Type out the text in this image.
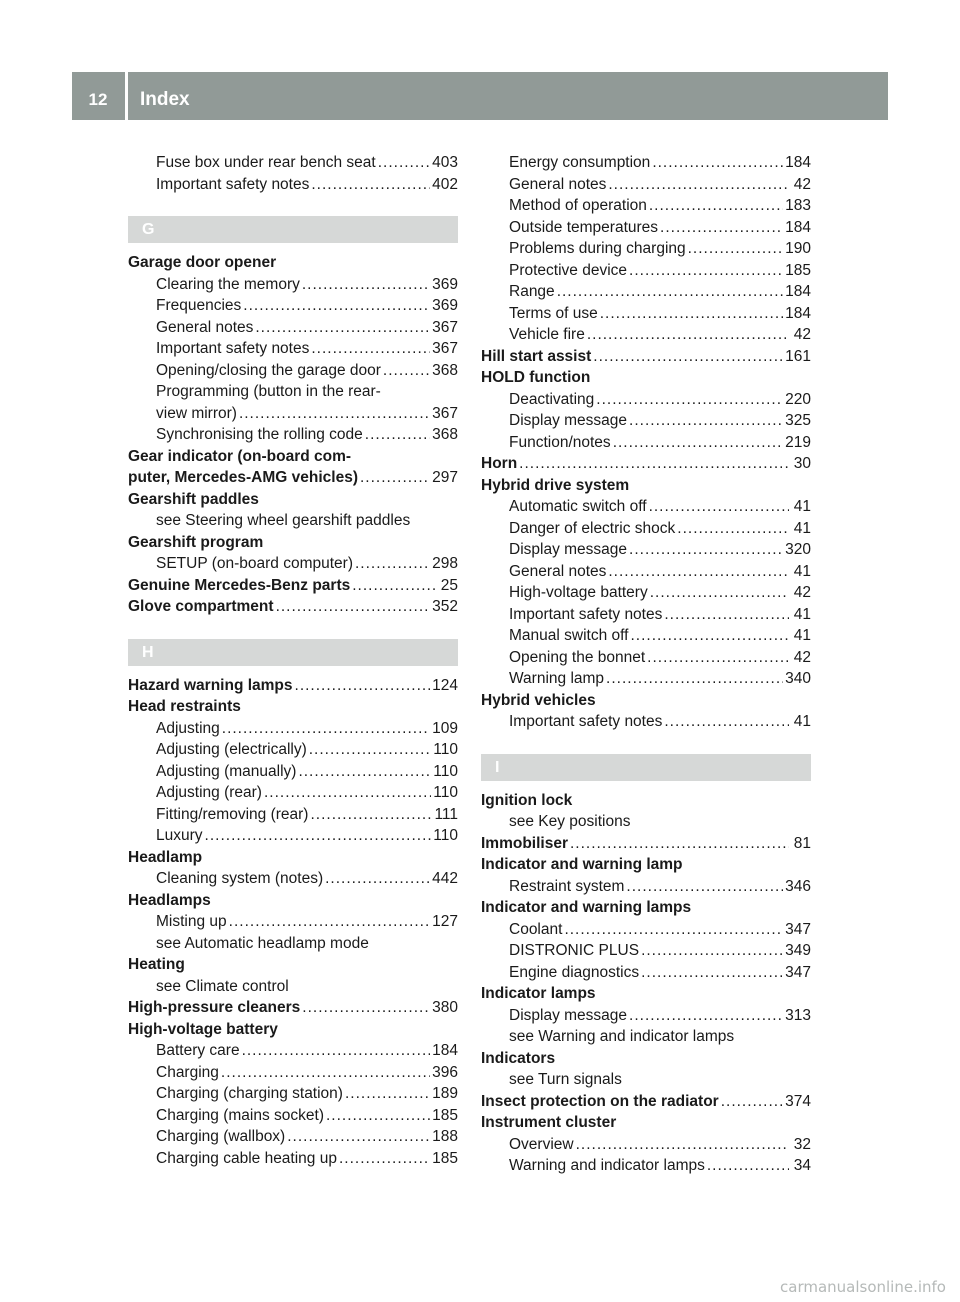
12	Index
Fuse box under rear bench seat .....	403
Important safety notes .....	402
G
Garage door opener
Clearing the memory .....	369
Frequencies .....	369
General notes .....	367
Important safety notes .....	367
Opening/closing the garage door .....	368
Programming (button in the rear-
view mirror) .....	367
Synchronising the rolling code .....	368
Gear indicator (on-board com-
puter, Mercedes-AMG vehicles) .....	297
Gearshift paddles
see Steering wheel gearshift paddles
Gearshift program
SETUP (on-board computer) .....	298
Genuine Mercedes-Benz parts .....	25
Glove compartment .....	352
H
Hazard warning lamps .....	124
Head restraints
Adjusting .....	109
Adjusting (electrically) .....	110
Adjusting (manually) .....	110
Adjusting (rear) .....	110
Fitting/removing (rear) .....	111
Luxury .....	110
Headlamp
Cleaning system (notes) .....	442
Headlamps
Misting up .....	127
see Automatic headlamp mode
Heating
see Climate control
High-pressure cleaners .....	380
High-voltage battery
Battery care .....	184
Charging .....	396
Charging (charging station) .....	189
Charging (mains socket) .....	185
Charging (wallbox) .....	188
Charging cable heating up .....	185
Energy consumption .....	184
General notes .....	42
Method of operation .....	183
Outside temperatures .....	184
Problems during charging .....	190
Protective device .....	185
Range .....	184
Terms of use .....	184
Vehicle fire .....	42
Hill start assist .....	161
HOLD function
Deactivating .....	220
Display message .....	325
Function/notes .....	219
Horn .....	30
Hybrid drive system
Automatic switch off .....	41
Danger of electric shock .....	41
Display message .....	320
General notes .....	41
High-voltage battery .....	42
Important safety notes .....	41
Manual switch off .....	41
Opening the bonnet .....	42
Warning lamp .....	340
Hybrid vehicles
Important safety notes .....	41
I
Ignition lock
see Key positions
Immobiliser .....	81
Indicator and warning lamp
Restraint system .....	346
Indicator and warning lamps
Coolant .....	347
DISTRONIC PLUS .....	349
Engine diagnostics .....	347
Indicator lamps
Display message .....	313
see Warning and indicator lamps
Indicators
see Turn signals
Insect protection on the radiator .....	374
Instrument cluster
Overview .....	32
Warning and indicator lamps .....	34
carmanualsonline.info
